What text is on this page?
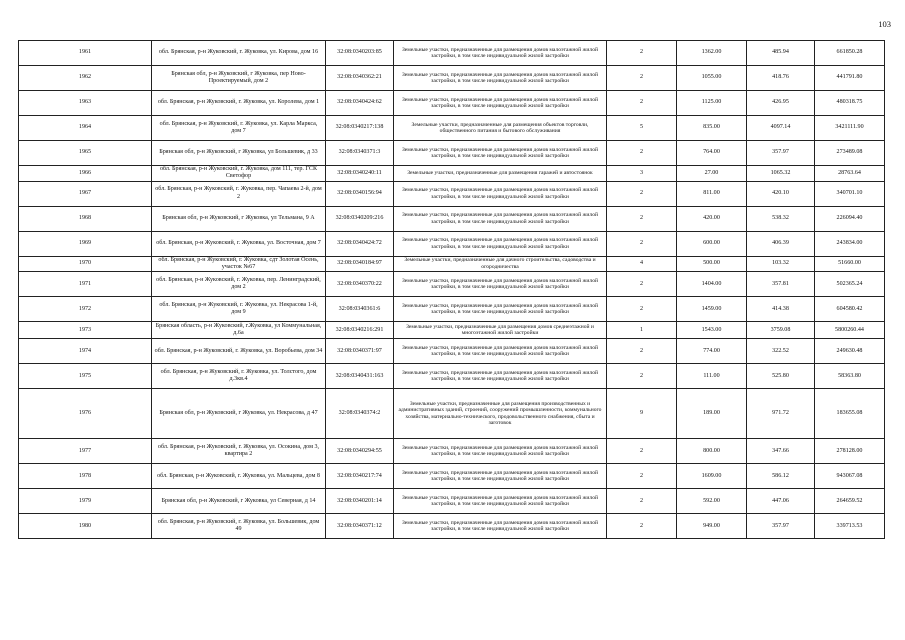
103
1961	обл. Брянская, р-н Жуковский, г. Жуковка, ул. Кирова, дом 16	32:08:0340203:85	Земельные участки, предназначенные для размещения домов малоэтажной жилой застройки, в том числе индивидуальной жилой застройки	2	1362.00	485.94	661850.28
1962	Брянская обл, р-н Жуковский, г Жуковка, пер Ново-Проектируемый, дом 2	32:08:0340362:21	Земельные участки, предназначенные для размещения домов малоэтажной жилой застройки, в том числе индивидуальной жилой застройки	2	1055.00	418.76	441791.80
1963	обл. Брянская, р-н Жуковский, г. Жуковка, ул. Королева, дом 1	32:08:0340424:62	Земельные участки, предназначенные для размещения домов малоэтажной жилой застройки, в том числе индивидуальной жилой застройки	2	1125.00	426.95	480318.75
1964	обл. Брянская, р-н Жуковский, г. Жуковка, ул. Карла Маркса, дом 7	32:08:0340217:138	Земельные участки, предназначенные для размещения объектов торговли, общественного питания и бытового обслуживания	5	835.00	4097.14	3421111.90
1965	Брянская обл, р-н Жуковский, г Жуковка, ул Большевик, д 33	32:08:0340371:3	Земельные участки, предназначенные для размещения домов малоэтажной жилой застройки, в том числе индивидуальной жилой застройки	2	764.00	357.97	273489.08
1966	обл. Брянская, р-н Жуковский, г. Жуковка, дом 111, тер. ГСК Светофор	32:08:0340240:11	Земельные участки, предназначенные для размещения гаражей и автостоянок	3	27.00	1065.32	28763.64
1967	обл. Брянская, р-н Жуковский, г. Жуковка, пер. Чапаева 2-й, дом 2	32:08:0340156:94	Земельные участки, предназначенные для размещения домов малоэтажной жилой застройки, в том числе индивидуальной жилой застройки	2	811.00	420.10	340701.10
1968	Брянская обл, р-н Жуковский, г Жуковка, ул Тельмана, 9 А	32:08:0340209:216	Земельные участки, предназначенные для размещения домов малоэтажной жилой застройки, в том числе индивидуальной жилой застройки	2	420.00	538.32	226094.40
1969	обл. Брянская, р-н Жуковский, г. Жуковка, ул. Восточная, дом 7	32:08:0340424:72	Земельные участки, предназначенные для размещения домов малоэтажной жилой застройки, в том числе индивидуальной жилой застройки	2	600.00	406.39	243834.00
1970	обл. Брянская, р-н Жуковский, г. Жуковка, сдт Золотая Осень, участок №67	32:08:0340184:97	Земельные участки, предназначенные для дачного строительства, садоводства и огородничества	4	500.00	103.32	51660.00
1971	обл. Брянская, р-н Жуковский, г. Жуковка, пер. Ленинградский, дом 2	32:08:0340370:22	Земельные участки, предназначенные для размещения домов малоэтажной жилой застройки, в том числе индивидуальной жилой застройки	2	1404.00	357.81	502365.24
1972	обл. Брянская, р-н Жуковский, г. Жуковка, ул. Некрасова 1-й, дом 9	32:08:0340361:6	Земельные участки, предназначенные для размещения домов малоэтажной жилой застройки, в том числе индивидуальной жилой застройки	2	1459.00	414.38	604580.42
1973	Брянская область, р-н Жуковский, г.Жуковка, ул Коммунальная, д.6а	32:08:0340216:291	Земельные участки, предназначенные для размещения домов среднеэтажной и многоэтажной жилой застройки	1	1543.00	3759.08	5800260.44
1974	обл. Брянская, р-н Жуковский, г. Жуковка, ул. Воробьева, дом 34	32:08:0340371:97	Земельные участки, предназначенные для размещения домов малоэтажной жилой застройки, в том числе индивидуальной жилой застройки	2	774.00	322.52	249630.48
1975	обл. Брянская, р-н Жуковский, г. Жуковка, ул. Толстого, дом д.3кв.4	32:08:0340431:163	Земельные участки, предназначенные для размещения домов малоэтажной жилой застройки, в том числе индивидуальной жилой застройки	2	111.00	525.80	58363.80
1976	Брянская обл, р-н Жуковский, г Жуковка, ул. Некрасова, д 47	32:08:0340374:2	Земельные участки, предназначенные для размещения производственных и административных зданий, строений, сооружений промышленности, коммунального хозяйства, материально-технического, продовольственного снабжения, сбыта и заготовок	9	189.00	971.72	183655.08
1977	обл. Брянская, р-н Жуковский, г. Жуковка, ул. Осокина, дом 3, квартира 2	32:08:0340294:55	Земельные участки, предназначенные для размещения домов малоэтажной жилой застройки, в том числе индивидуальной жилой застройки	2	800.00	347.66	278128.00
1978	обл. Брянская, р-н Жуковский, г. Жуковка, ул. Мальцева, дом 8	32:08:0340217:74	Земельные участки, предназначенные для размещения домов малоэтажной жилой застройки, в том числе индивидуальной жилой застройки	2	1609.00	586.12	943067.08
1979	Брянская обл, р-н Жуковский, г Жуковка, ул Северная, д 14	32:08:0340201:14	Земельные участки, предназначенные для размещения домов малоэтажной жилой застройки, в том числе индивидуальной жилой застройки	2	592.00	447.06	264659.52
1980	обл. Брянская, р-н Жуковский, г. Жуковка, ул. Большевик, дом 49	32:08:0340371:12	Земельные участки, предназначенные для размещения домов малоэтажной жилой застройки, в том числе индивидуальной жилой застройки	2	949.00	357.97	339713.53
